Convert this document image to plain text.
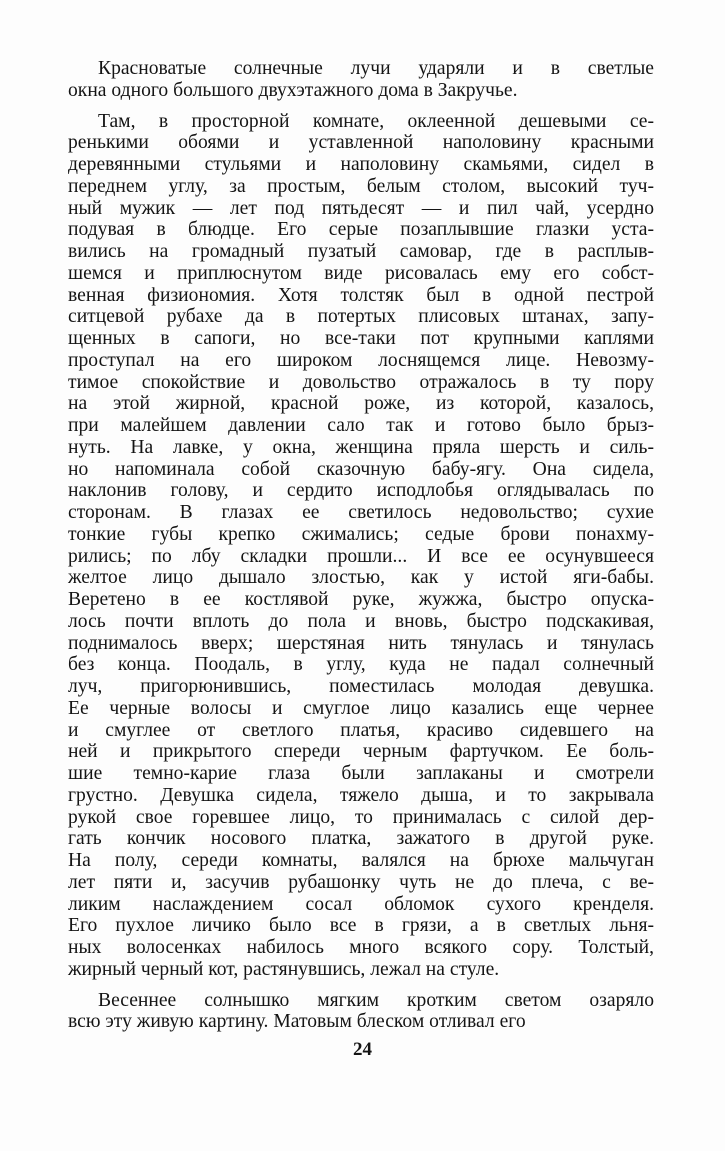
Красноватые солнечные лучи ударяли и в светлые
окна одного большого двухэтажного дома в Закручье.
Там, в просторной комнате, оклеенной дешевыми се-
ренькими обоями и уставленной наполовину красными
деревянными стульями и наполовину скамьями, сидел в
переднем углу, за простым, белым столом, высокий туч-
ный мужик — лет под пятьдесят — и пил чай, усердно
подувая в блюдце. Его серые позаплывшие глазки уста-
вились на громадный пузатый самовар, где в расплыв-
шемся и приплюснутом виде рисовалась ему его собст-
венная физиономия. Хотя толстяк был в одной пестрой
ситцевой рубахе да в потертых плисовых штанах, запу-
щенных в сапоги, но все-таки пот крупными каплями
проступал на его широком лоснящемся лице. Невозму-
тимое спокойствие и довольство отражалось в ту пору
на этой жирной, красной роже, из которой, казалось,
при малейшем давлении сало так и готово было брыз-
нуть. На лавке, у окна, женщина пряла шерсть и силь-
но напоминала собой сказочную бабу-ягу. Она сидела,
наклонив голову, и сердито исподлобья оглядывалась по
сторонам. В глазах ее светилось недовольство; сухие
тонкие губы крепко сжимались; седые брови понахму-
рились; по лбу складки прошли... И все ее осунувшееся
желтое лицо дышало злостью, как у истой яги-бабы.
Веретено в ее костлявой руке, жужжа, быстро опуска-
лось почти вплоть до пола и вновь, быстро подскакивая,
поднималось вверх; шерстяная нить тянулась и тянулась
без конца. Поодаль, в углу, куда не падал солнечный
луч, пригорюнившись, поместилась молодая девушка.
Ее черные волосы и смуглое лицо казались еще чернее
и смуглее от светлого платья, красиво сидевшего на
ней и прикрытого спереди черным фартучком. Ее боль-
шие темно-карие глаза были заплаканы и смотрели
грустно. Девушка сидела, тяжело дыша, и то закрывала
рукой свое горевшее лицо, то принималась с силой дер-
гать кончик носового платка, зажатого в другой руке.
На полу, середи комнаты, валялся на брюхе мальчуган
лет пяти и, засучив рубашонку чуть не до плеча, с ве-
ликим наслаждением сосал обломок сухого кренделя.
Его пухлое личико было все в грязи, а в светлых льня-
ных волосенках набилось много всякого сору. Толстый,
жирный черный кот, растянувшись, лежал на стуле.
Весеннее солнышко мягким кротким светом озаряло
всю эту живую картину. Матовым блеском отливал его
24
